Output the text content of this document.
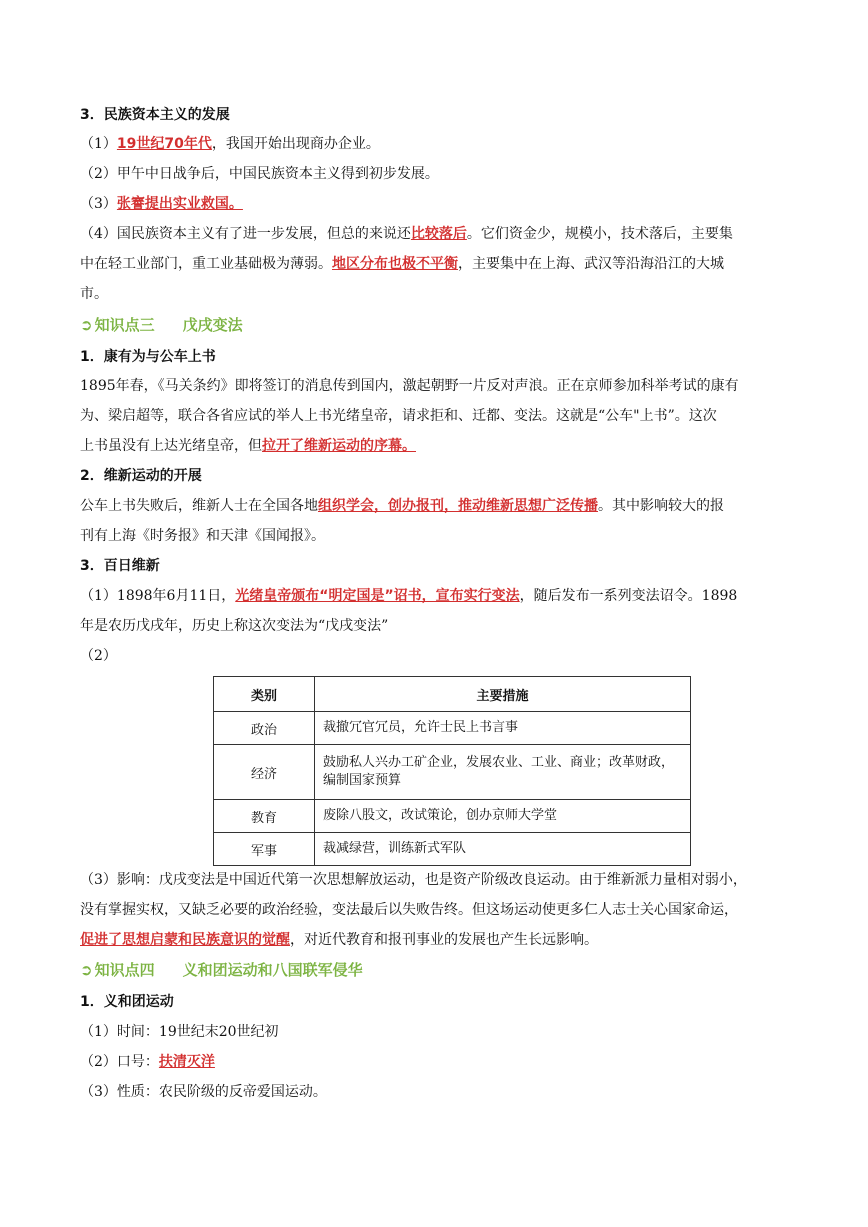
3．民族资本主义的发展
（1）19世纪70年代，我国开始出现商办企业。
（2）甲午中日战争后，中国民族资本主义得到初步发展。
（3）张謇提出实业救国。
（4）国民族资本主义有了进一步发展，但总的来说还比较落后。它们资金少，规模小，技术落后，主要集
中在轻工业部门，重工业基础极为薄弱。地区分布也极不平衡，主要集中在上海、武汉等沿海沿江的大城
市。
➲ 知识点三 戊戌变法
1．康有为与公车上书
1895年春，《马关条约》即将签订的消息传到国内，激起朝野一片反对声浪。正在京师参加科举考试的康有
为、梁启超等，联合各省应试的举人上书光绪皇帝，请求拒和、迁都、变法。这就是“公车"上书”。这次
上书虽没有上达光绪皇帝，但拉开了维新运动的序幕。
2．维新运动的开展
公车上书失败后，维新人士在全国各地组织学会，创办报刊，推动维新思想广泛传播。其中影响较大的报
刊有上海《时务报》和天津《国闻报》。
3．百日维新
（1）1898年6月11日，光绪皇帝颁布“明定国是”诏书，宣布实行变法，随后发布一系列变法诏令。1898
年是农历戊戌年，历史上称这次变法为“戊戌变法”
（2）
类别	主要措施
政治	裁撤冗官冗员，允许士民上书言事
经济	鼓励私人兴办工矿企业，发展农业、工业、商业；改革财政，编制国家预算
教育	废除八股文，改试策论，创办京师大学堂
军事	裁减绿营，训练新式军队
（3）影响：戊戌变法是中国近代第一次思想解放运动，也是资产阶级改良运动。由于维新派力量相对弱小，
没有掌握实权，又缺乏必要的政治经验，变法最后以失败告终。但这场运动使更多仁人志士关心国家命运，
促进了思想启蒙和民族意识的觉醒，对近代教育和报刊事业的发展也产生长远影响。
➲ 知识点四 义和团运动和八国联军侵华
1．义和团运动
（1）时间：19世纪末20世纪初
（2）口号：扶清灭洋
（3）性质：农民阶级的反帝爱国运动。
